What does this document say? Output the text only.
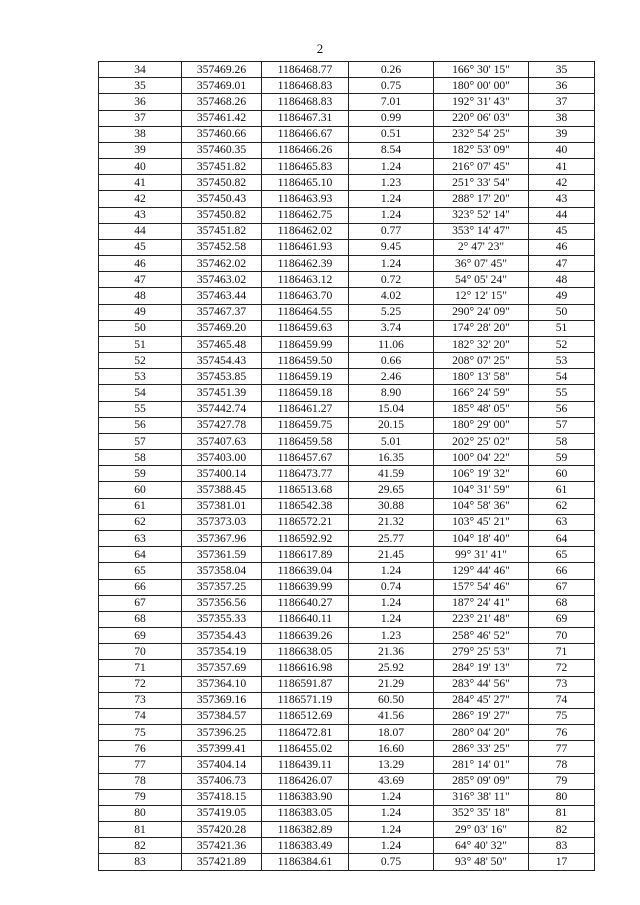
2
34	357469.26	1186468.77	0.26	166° 30' 15"	35
35	357469.01	1186468.83	0.75	180° 00' 00"	36
36	357468.26	1186468.83	7.01	192° 31' 43"	37
37	357461.42	1186467.31	0.99	220° 06' 03"	38
38	357460.66	1186466.67	0.51	232° 54' 25"	39
39	357460.35	1186466.26	8.54	182° 53' 09"	40
40	357451.82	1186465.83	1.24	216° 07' 45"	41
41	357450.82	1186465.10	1.23	251° 33' 54"	42
42	357450.43	1186463.93	1.24	288° 17' 20"	43
43	357450.82	1186462.75	1.24	323° 52' 14"	44
44	357451.82	1186462.02	0.77	353° 14' 47"	45
45	357452.58	1186461.93	9.45	2° 47' 23"	46
46	357462.02	1186462.39	1.24	36° 07' 45"	47
47	357463.02	1186463.12	0.72	54° 05' 24"	48
48	357463.44	1186463.70	4.02	12° 12' 15"	49
49	357467.37	1186464.55	5.25	290° 24' 09"	50
50	357469.20	1186459.63	3.74	174° 28' 20"	51
51	357465.48	1186459.99	11.06	182° 32' 20"	52
52	357454.43	1186459.50	0.66	208° 07' 25"	53
53	357453.85	1186459.19	2.46	180° 13' 58"	54
54	357451.39	1186459.18	8.90	166° 24' 59"	55
55	357442.74	1186461.27	15.04	185° 48' 05"	56
56	357427.78	1186459.75	20.15	180° 29' 00"	57
57	357407.63	1186459.58	5.01	202° 25' 02"	58
58	357403.00	1186457.67	16.35	100° 04' 22"	59
59	357400.14	1186473.77	41.59	106° 19' 32"	60
60	357388.45	1186513.68	29.65	104° 31' 59"	61
61	357381.01	1186542.38	30.88	104° 58' 36"	62
62	357373.03	1186572.21	21.32	103° 45' 21"	63
63	357367.96	1186592.92	25.77	104° 18' 40"	64
64	357361.59	1186617.89	21.45	99° 31' 41"	65
65	357358.04	1186639.04	1.24	129° 44' 46"	66
66	357357.25	1186639.99	0.74	157° 54' 46"	67
67	357356.56	1186640.27	1.24	187° 24' 41"	68
68	357355.33	1186640.11	1.24	223° 21' 48"	69
69	357354.43	1186639.26	1.23	258° 46' 52"	70
70	357354.19	1186638.05	21.36	279° 25' 53"	71
71	357357.69	1186616.98	25.92	284° 19' 13"	72
72	357364.10	1186591.87	21.29	283° 44' 56"	73
73	357369.16	1186571.19	60.50	284° 45' 27"	74
74	357384.57	1186512.69	41.56	286° 19' 27"	75
75	357396.25	1186472.81	18.07	280° 04' 20"	76
76	357399.41	1186455.02	16.60	286° 33' 25"	77
77	357404.14	1186439.11	13.29	281° 14' 01"	78
78	357406.73	1186426.07	43.69	285° 09' 09"	79
79	357418.15	1186383.90	1.24	316° 38' 11"	80
80	357419.05	1186383.05	1.24	352° 35' 18"	81
81	357420.28	1186382.89	1.24	29° 03' 16"	82
82	357421.36	1186383.49	1.24	64° 40' 32"	83
83	357421.89	1186384.61	0.75	93° 48' 50"	17
